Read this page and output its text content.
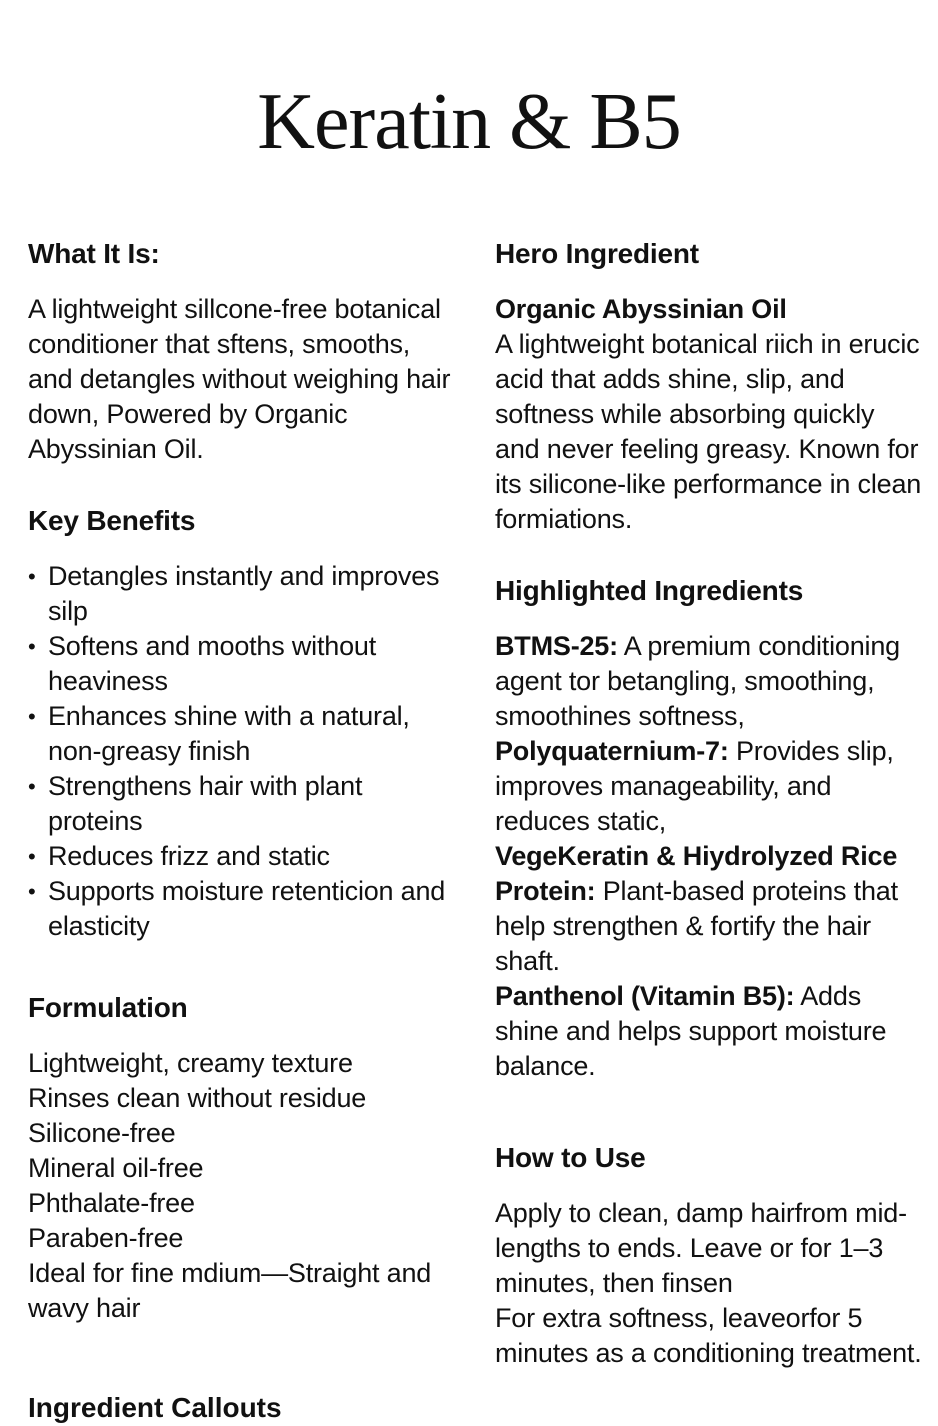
Keratin & B5
What It Is:

A lightweight sillcone-free botanical conditioner that sftens, smooths, and detangles without weighing hair down, Powered by Organic Abyssinian Oil.

Key Benefits
• Detangles instantly and improves silp
• Softens and mooths without heaviness
• Enhances shine with a natural, non-greasy finish
• Strengthens hair with plant proteins
• Reduces frizz and static
• Supports moisture retenticion and elasticity
Formulation
Lightweight, creamy texture
Rinses clean without residue
Silicone-free
Mineral oil-free
Phthalate-free
Paraben-free
Ideal for fine mdium—Straight and wavy hair
Ingredient Callouts
Hero Ingredient

Organic Abyssinian Oil

A lightweight botanical riich in erucic acid that adds shine, slip, and softness while absorbing quickly and never feeling greasy. Known for its silicone-like performance in clean formiations.

Highlighted Ingredients

BTMS-25: A premium conditioning agent tor betangling, smoothing, smoothines softness,

Polyquaternium-7: Provides slip, improves manageability, and reduces static,

VegeKeratin & Hiydrolyzed Rice Protein: Plant-based proteins that help strengthen & fortify the hair shaft.

Panthenol (Vitamin B5): Adds shine and helps support moisture balance.

How to Use

Apply to clean, damp hairfrom mid-lengths to ends. Leave or for 1–3 minutes, then finsen

For extra softness, leaveorfor 5 minutes as a conditioning treatment.
